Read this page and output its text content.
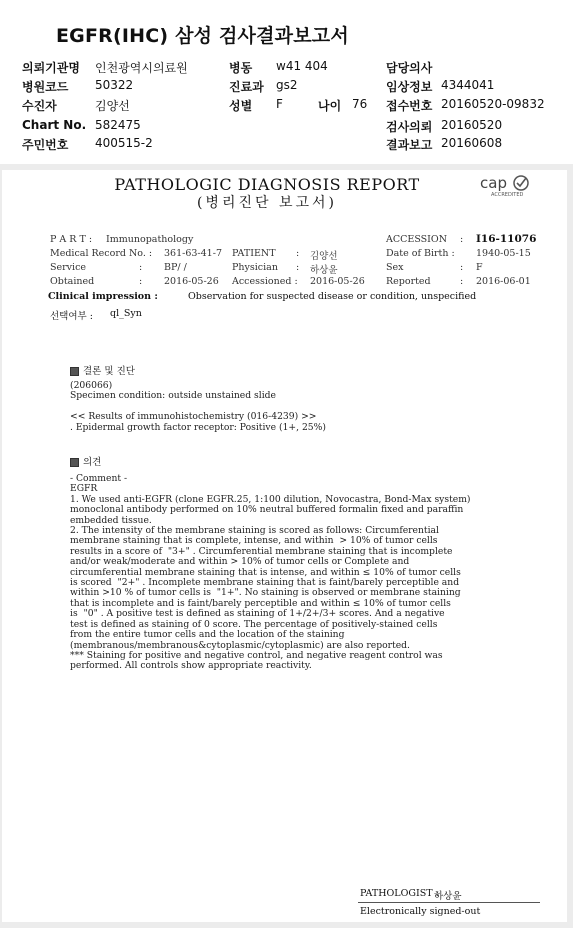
EGFR(IHC) 삼성 검사결과보고서
의뢰기관명 인천광역시의료원	병동 w41 404	담당의사
병원코드 50322	진료과 gs2	임상정보 4344041
수진자	김양선	성별 F	나이 76 접수번호 20160520-09832
Chart No. 582475	검사의뢰 20160520
주민번호 400515-2	결과보고 20160608
PATHOLOGIC DIAGNOSIS REPORT
(병리진단 보고서)
cap
ACCREDITED
P A R T : Immunopathology	ACCESSION : I16-11076
Medical Record No. : 361-63-41-7 PATIENT : 김양선	Date of Birth : 1940-05-15
Service	: BP/ /	Physician : 하상윤	Sex	: F
Obtained	: 2016-05-26 Accessioned : 2016-05-26 Reported	: 2016-06-01
Clinical impression :	Observation for suspected disease or condition, unspecified
선택여부 : ql_Syn
결론 및 진단
(206066)
Specimen condition: outside unstained slide

<< Results of immunohistochemistry (016-4239) >>
. Epidermal growth factor receptor: Positive (1+, 25%)
의견
- Comment -
EGFR
1. We used anti-EGFR (clone EGFR.25, 1:100 dilution, Novocastra, Bond-Max system)
monoclonal antibody performed on 10% neutral buffered formalin fixed and paraffin
embedded tissue.
2. The intensity of the membrane staining is scored as follows: Circumferential
membrane staining that is complete, intense, and within  > 10% of tumor cells
results in a score of  "3+" . Circumferential membrane staining that is incomplete
and/or weak/moderate and within > 10% of tumor cells or Complete and
circumferential membrane staining that is intense, and within ≤ 10% of tumor cells
is scored  "2+" . Incomplete membrane staining that is faint/barely perceptible and
within >10 % of tumor cells is  "1+". No staining is observed or membrane staining
that is incomplete and is faint/barely perceptible and within ≤ 10% of tumor cells
is  "0" . A positive test is defined as staining of 1+/2+/3+ scores. And a negative
test is defined as staining of 0 score. The percentage of positively-stained cells
from the entire tumor cells and the location of the staining
(membranous/membranous&cytoplasmic/cytoplasmic) are also reported.
*** Staining for positive and negative control, and negative reagent control was
performed. All controls show appropriate reactivity.
PATHOLOGIST :
하상윤
Electronically signed-out
